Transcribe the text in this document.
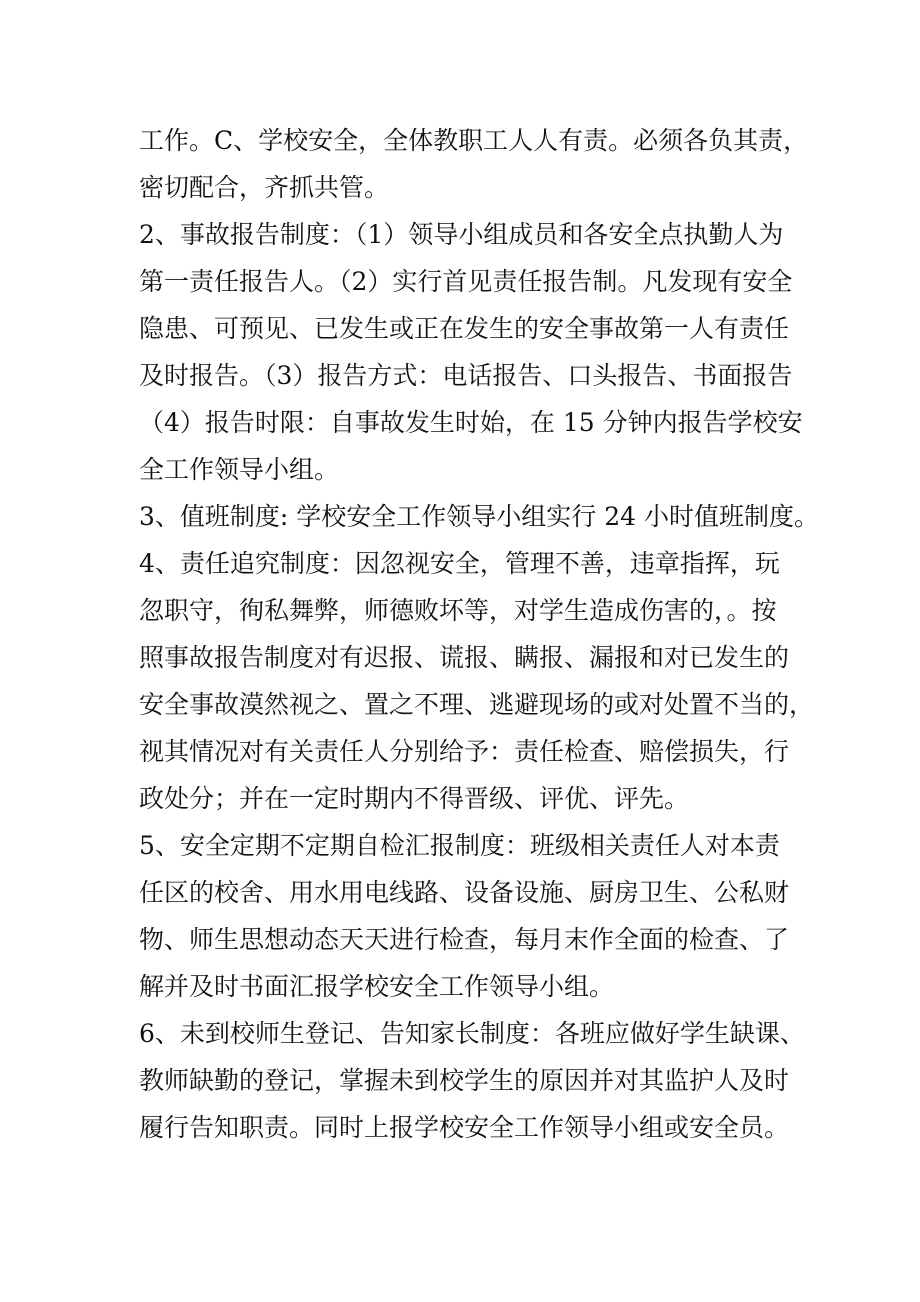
工作。C、学校安全，全体教职工人人有责。必须各负其责，
密切配合，齐抓共管。
2、事故报告制度：（1）领导小组成员和各安全点执勤人为
第一责任报告人。（2）实行首见责任报告制。凡发现有安全
隐患、可预见、已发生或正在发生的安全事故第一人有责任
及时报告。（3）报告方式：电话报告、口头报告、书面报告
（4）报告时限：自事故发生时始，在 15 分钟内报告学校安
全工作领导小组。
3、值班制度: 学校安全工作领导小组实行 24 小时值班制度。
4、责任追究制度：因忽视安全，管理不善，违章指挥，玩
忽职守，徇私舞弊，师德败坏等，对学生造成伤害的，。按
照事故报告制度对有迟报、谎报、瞒报、漏报和对已发生的
安全事故漠然视之、置之不理、逃避现场的或对处置不当的，
视其情况对有关责任人分别给予：责任检查、赔偿损失，行
政处分；并在一定时期内不得晋级、评优、评先。
5、安全定期不定期自检汇报制度：班级相关责任人对本责
任区的校舍、用水用电线路、设备设施、厨房卫生、公私财
物、师生思想动态天天进行检查，每月末作全面的检查、了
解并及时书面汇报学校安全工作领导小组。
6、未到校师生登记、告知家长制度：各班应做好学生缺课、
教师缺勤的登记，掌握未到校学生的原因并对其监护人及时
履行告知职责。同时上报学校安全工作领导小组或安全员。
